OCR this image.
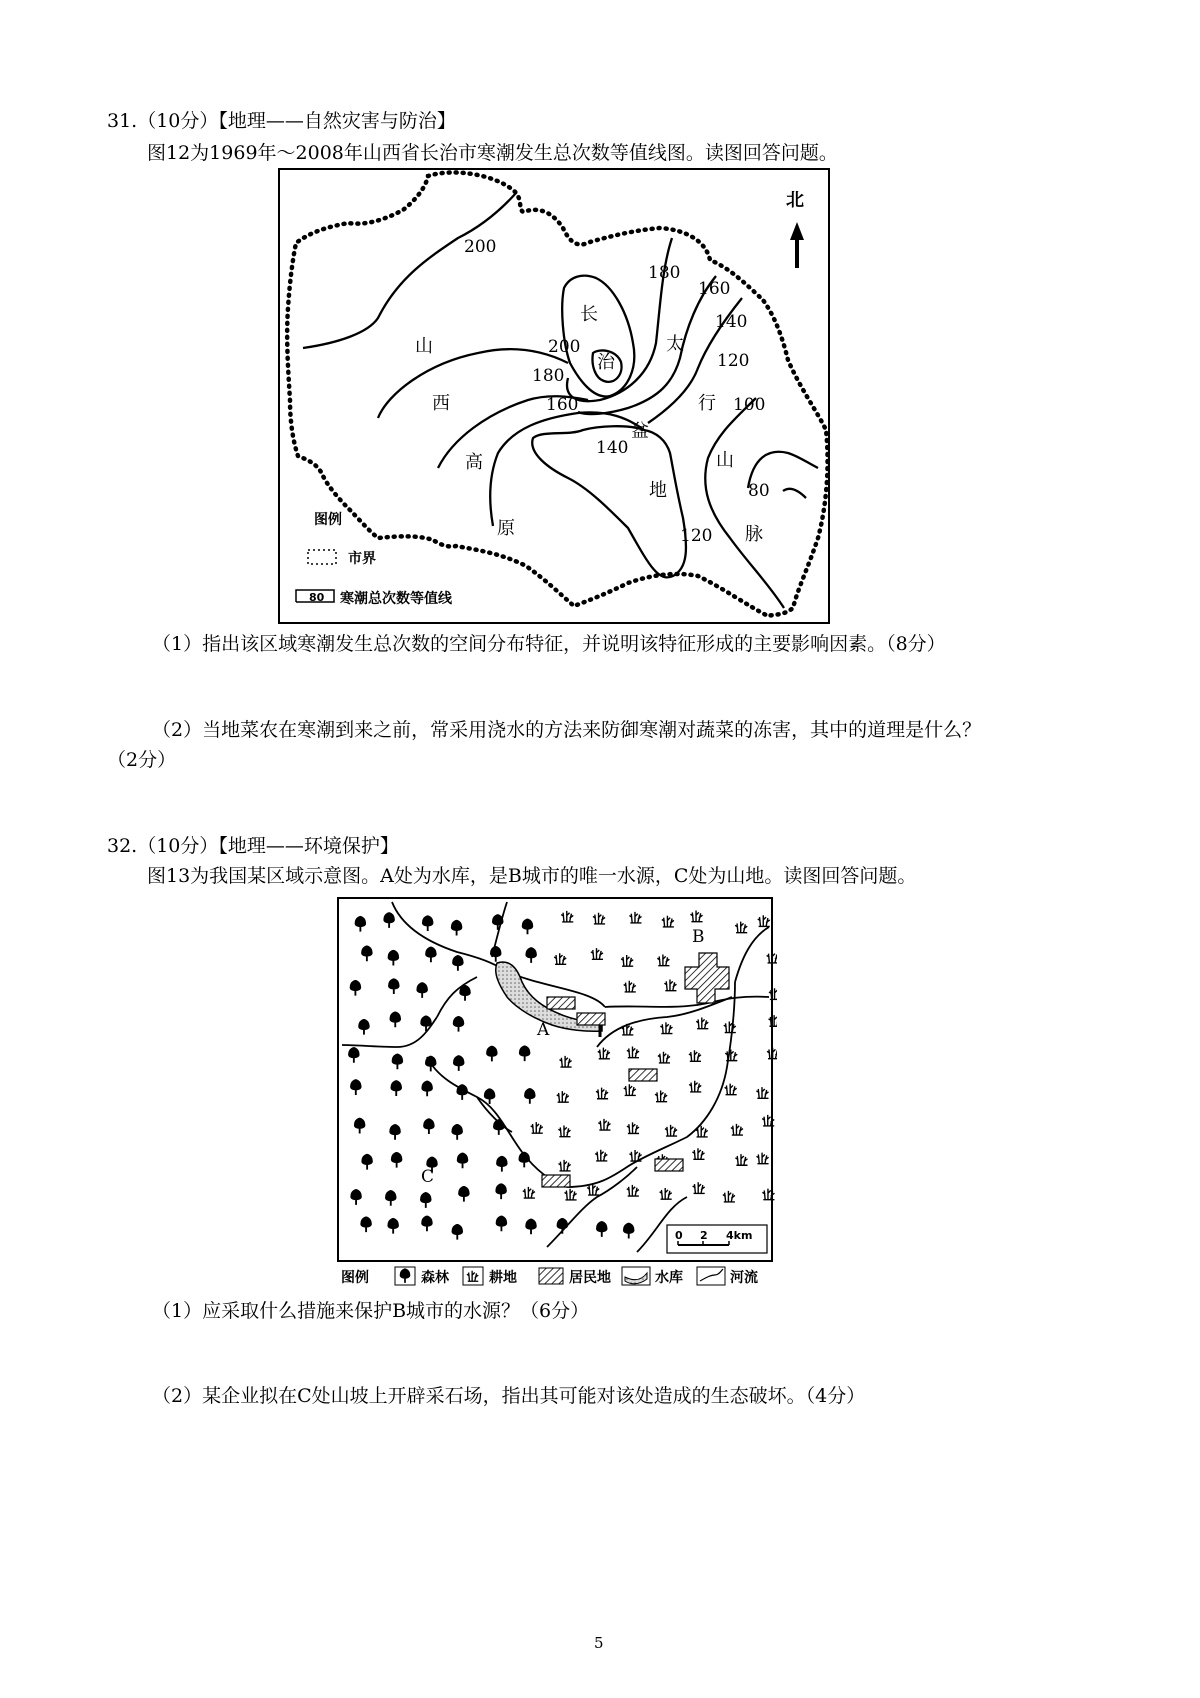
31.（10分）【地理——自然灾害与防治】
图12为1969年～2008年山西省长治市寒潮发生总次数等值线图。读图回答问题。
200
180
160
140
200
180
160
140
120
100
80
120
山
西
高
原
长
治
盆
地
太
行
山
脉
北
图例
市界
80 寒潮总次数等值线
（1）指出该区域寒潮发生总次数的空间分布特征，并说明该特征形成的主要影响因素。（8分）
（2）当地菜农在寒潮到来之前，常采用浇水的方法来防御寒潮对蔬菜的冻害，其中的道理是什么？
（2分）
32.（10分）【地理——环境保护】
图13为我国某区域示意图。A处为水库，是B城市的唯一水源，C处为山地。读图回答问题。
A
B
C
0 2 4km
图例	森林	耕地	居民地	水库	河流
（1）应采取什么措施来保护B城市的水源？（6分）
（2）某企业拟在C处山坡上开辟采石场，指出其可能对该处造成的生态破坏。（4分）
5
